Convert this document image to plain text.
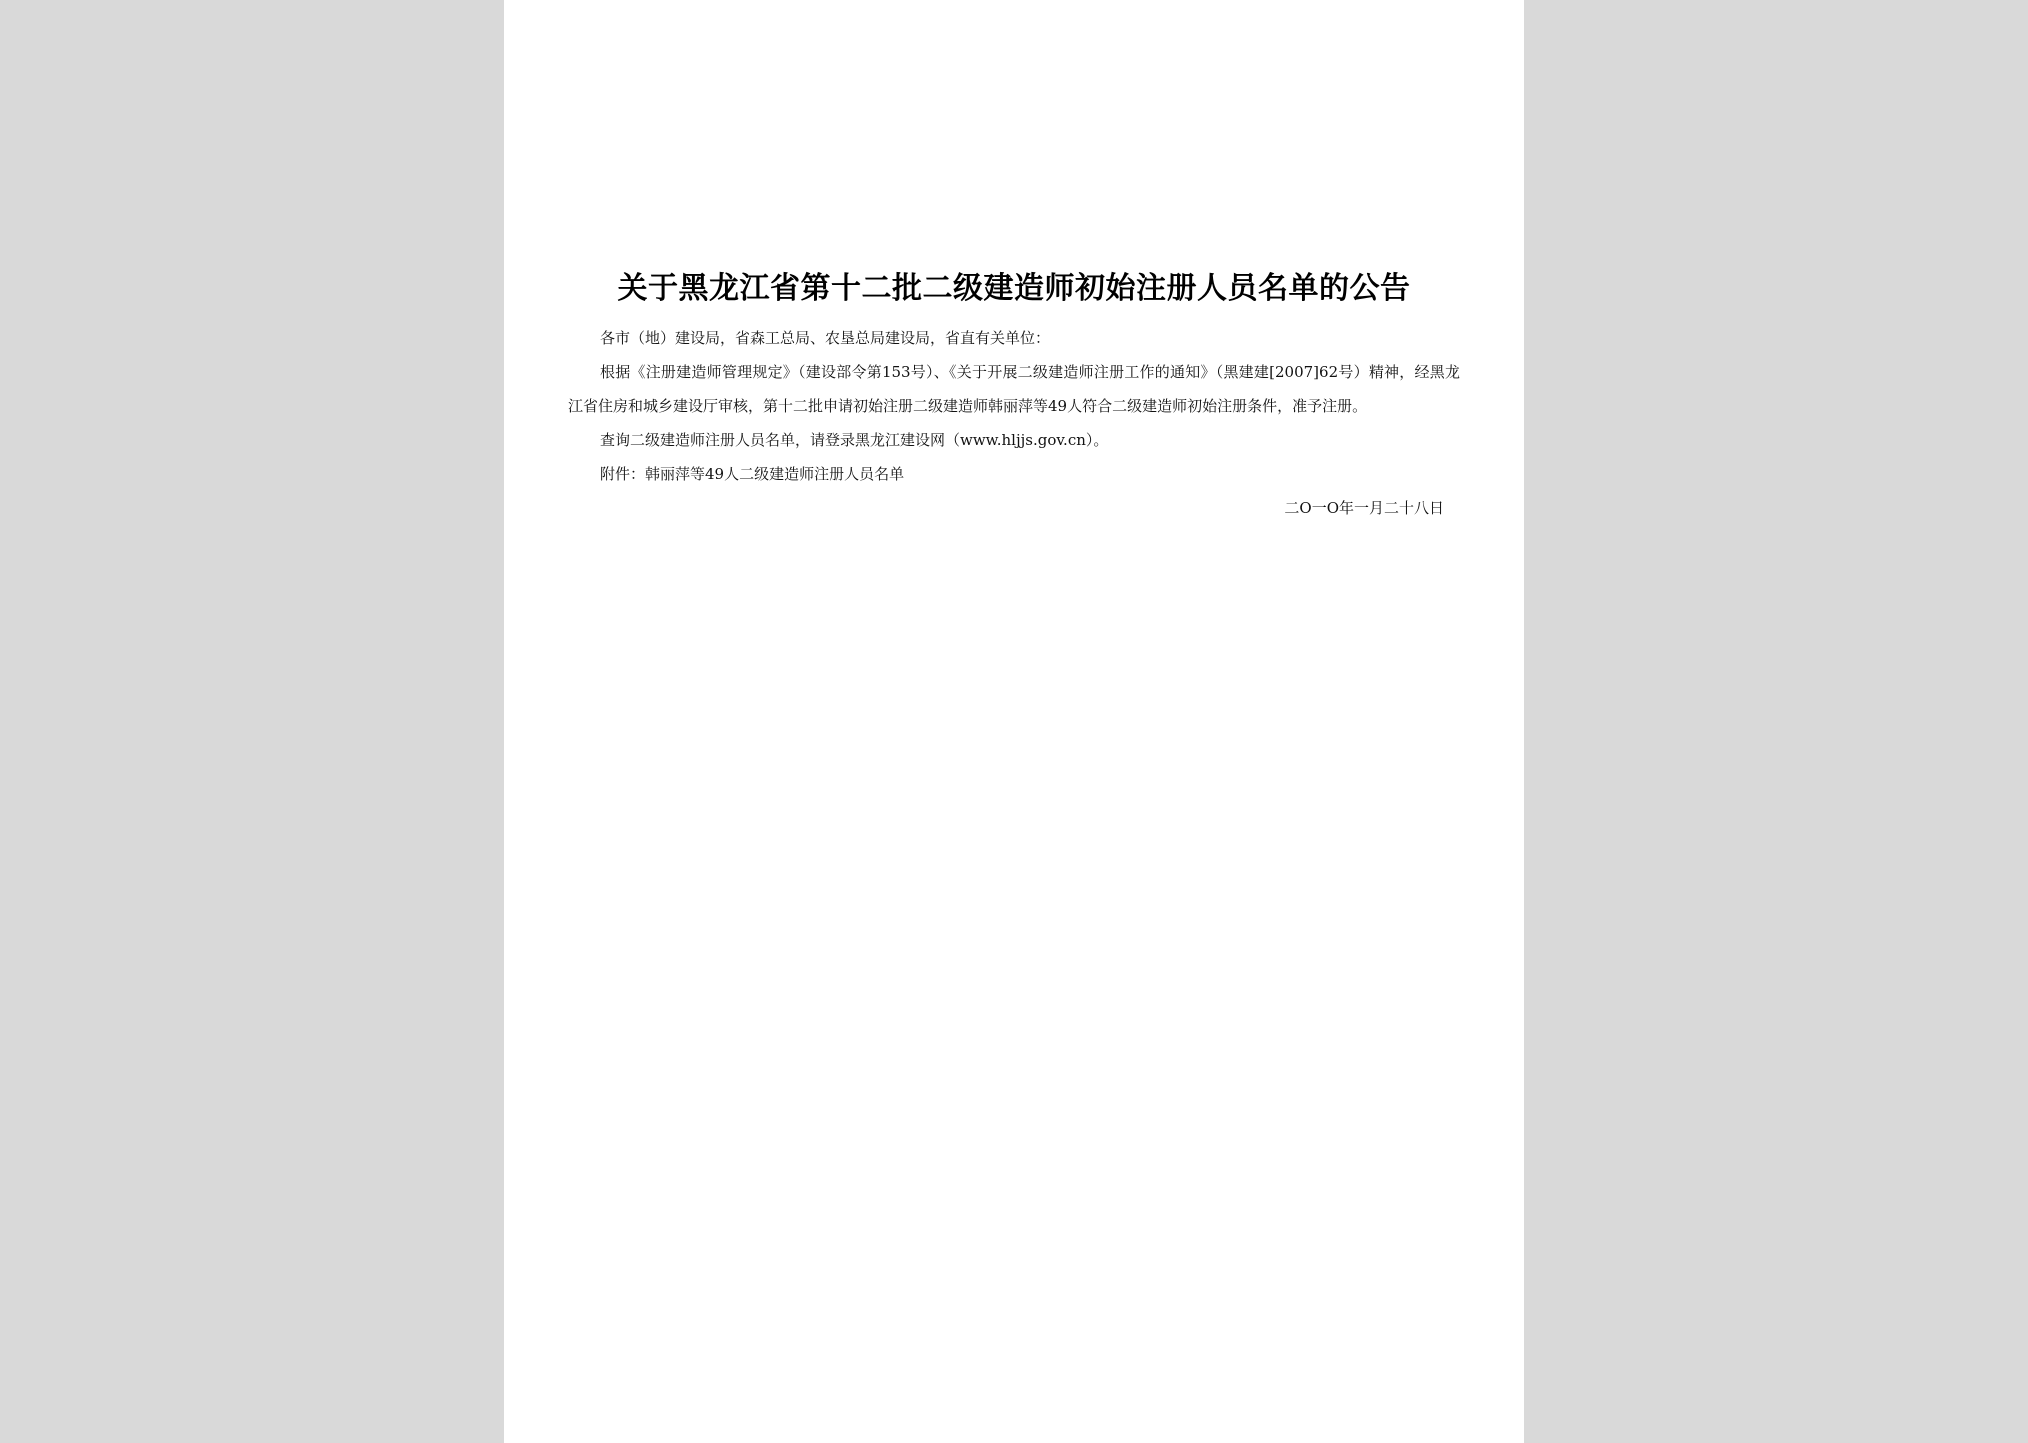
关于黑龙江省第十二批二级建造师初始注册人员名单的公告

各市（地）建设局，省森工总局、农垦总局建设局，省直有关单位：

根据《注册建造师管理规定》（建设部令第153号）、《关于开展二级建造师注册工作的通知》（黑建建[2007]62号）精神，经黑龙江省住房和城乡建设厅审核，第十二批申请初始注册二级建造师韩丽萍等49人符合二级建造师初始注册条件，准予注册。

查询二级建造师注册人员名单，请登录黑龙江建设网（www.hljjs.gov.cn）。

附件：韩丽萍等49人二级建造师注册人员名单

二O一O年一月二十八日
